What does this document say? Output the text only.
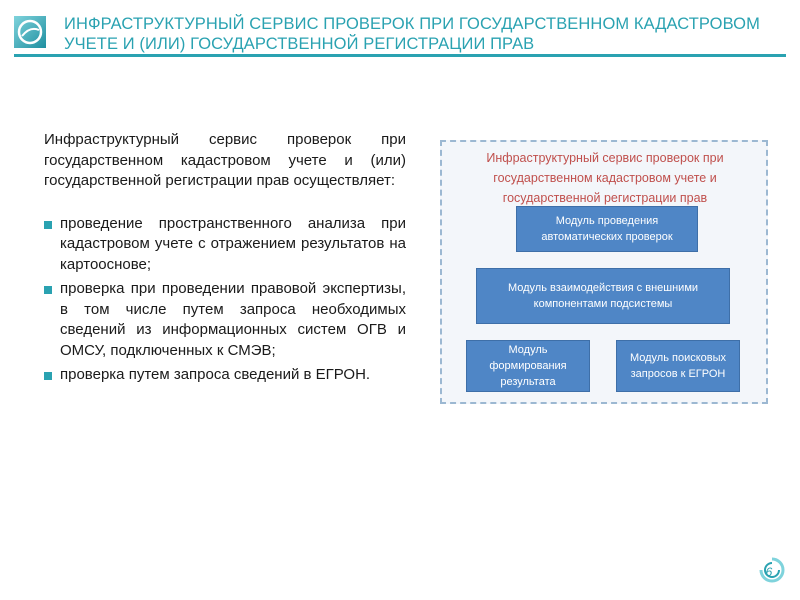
ИНФРАСТРУКТУРНЫЙ СЕРВИС ПРОВЕРОК ПРИ ГОСУДАРСТВЕННОМ КАДАСТРОВОМ
УЧЕТЕ И (ИЛИ) ГОСУДАРСТВЕННОЙ РЕГИСТРАЦИИ ПРАВ

Инфраструктурный сервис проверок при государственном кадастровом учете и (или) государственной регистрации прав осуществляет:

проведение пространственного анализа при кадастровом учете с отражением результатов на картооснове;
проверка при проведении правовой экспертизы, в том числе путем запроса необходимых сведений из информационных систем ОГВ и ОМСУ, подключенных к СМЭВ;
проверка путем запроса сведений в ЕГРОН.
Инфраструктурный сервис проверок при государственном кадастровом учете и государственной регистрации прав
Модуль проведения автоматических проверок
Модуль взаимодействия с внешними компонентами подсистемы
Модуль формирования результата
Модуль поисковых запросов к ЕГРОН
6
